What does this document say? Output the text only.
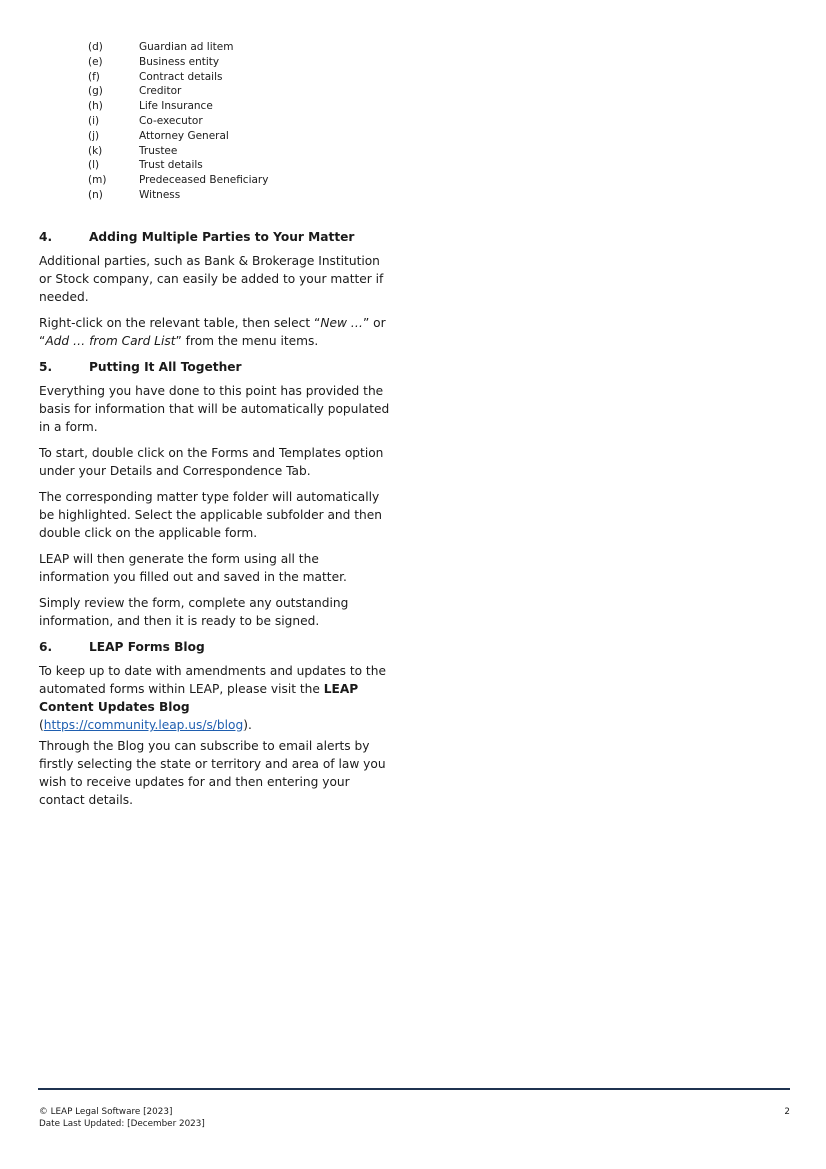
(d)	Guardian ad litem
(e)	Business entity
(f)	Contract details
(g)	Creditor
(h)	Life Insurance
(i)	Co-executor
(j)	Attorney General
(k)	Trustee
(l)	Trust details
(m)	Predeceased Beneficiary
(n)	Witness
4.	Adding Multiple Parties to Your Matter

Additional parties, such as Bank & Brokerage Institution or Stock company, can easily be added to your matter if needed.

Right-click on the relevant table, then select “New …” or “Add … from Card List” from the menu items.

5.	Putting It All Together

Everything you have done to this point has provided the basis for information that will be automatically populated in a form.

To start, double click on the Forms and Templates option under your Details and Correspondence Tab.

The corresponding matter type folder will automatically be highlighted. Select the applicable subfolder and then double click on the applicable form.

LEAP will then generate the form using all the information you filled out and saved in the matter.

Simply review the form, complete any outstanding information, and then it is ready to be signed.

6.	LEAP Forms Blog

To keep up to date with amendments and updates to the automated forms within LEAP, please visit the LEAP Content Updates Blog (https://community.leap.us/s/blog).

Through the Blog you can subscribe to email alerts by firstly selecting the state or territory and area of law you wish to receive updates for and then entering your contact details.

© LEAP Legal Software [2023]
Date Last Updated: [December 2023]
2
